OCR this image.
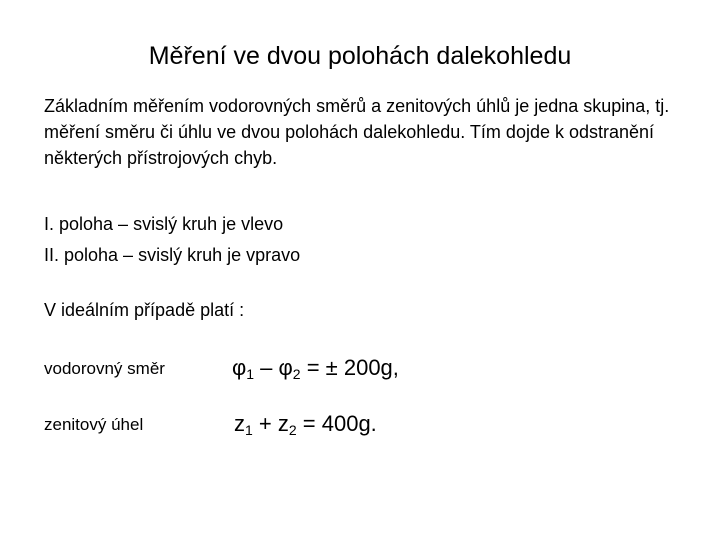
Měření ve dvou polohách dalekohledu

Základním měřením vodorovných směrů a zenitových úhlů je jedna skupina, tj. měření směru či úhlu ve dvou polohách dalekohledu. Tím dojde k odstranění některých přístrojových chyb.

I. poloha – svislý kruh je vlevo
II. poloha – svislý kruh je vpravo
V ideálním případě platí :
vodorovný směr	$\varphi_1 - \varphi_2$ = ± 200g,
zenitový úhel	$z_1 + z_2 = 400g$.
